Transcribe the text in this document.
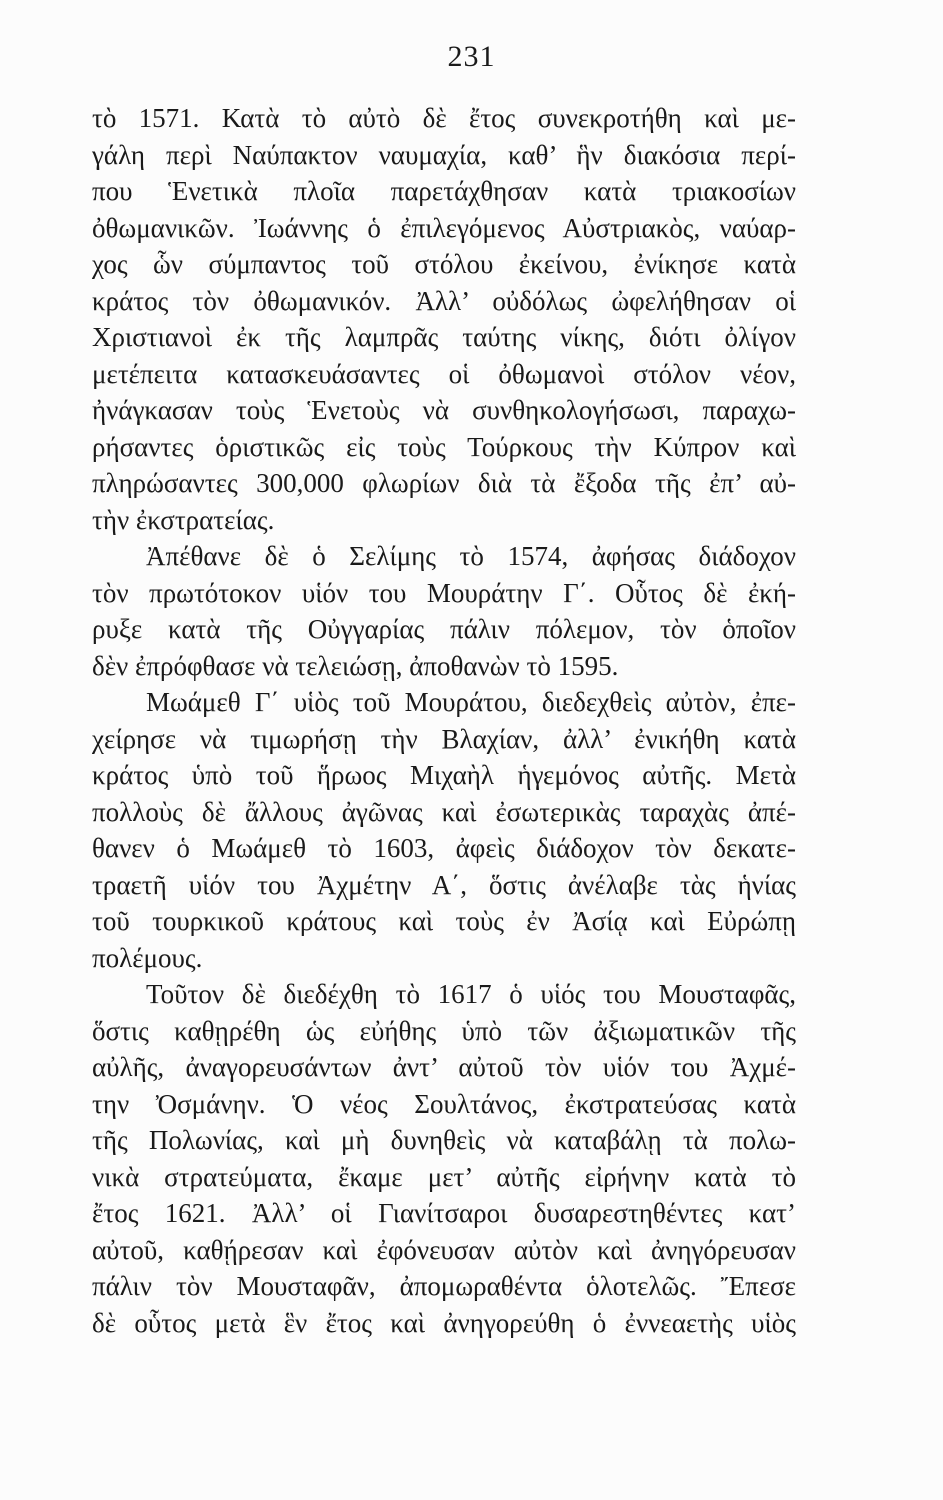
231
τὸ 1571. Κατὰ τὸ αὐτὸ δὲ ἔτος συνεκροτήθη καὶ με-
γάλη περὶ Ναύπακτον ναυμαχία, καθ’ ἣν διακόσια περί-
που Ἑνετικὰ πλοῖα παρετάχθησαν κατὰ τριακοσίων
ὀθωμανικῶν. Ἰωάννης ὁ ἐπιλεγόμενος Αὐστριακὸς, ναύαρ-
χος ὧν σύμπαντος τοῦ στόλου ἐκείνου, ἐνίκησε κατὰ
κράτος τὸν ὀθωμανικόν. Ἀλλ’ οὐδόλως ὠφελήθησαν οἱ
Χριστιανοὶ ἐκ τῆς λαμπρᾶς ταύτης νίκης, διότι ὀλίγον
μετέπειτα κατασκευάσαντες οἱ ὀθωμανοὶ στόλον νέον,
ἠνάγκασαν τοὺς Ἑνετοὺς νὰ συνθηκολογήσωσι, παραχω-
ρήσαντες ὁριστικῶς εἰς τοὺς Τούρκους τὴν Κύπρον καὶ
πληρώσαντες 300,000 φλωρίων διὰ τὰ ἔξοδα τῆς ἐπ’ αὐ-
τὴν ἐκστρατείας.
Ἀπέθανε δὲ ὁ Σελίμης τὸ 1574, ἀφήσας διάδοχον
τὸν πρωτότοκον υἱόν του Μουράτην Γ΄. Οὗτος δὲ ἐκή-
ρυξε κατὰ τῆς Οὐγγαρίας πάλιν πόλεμον, τὸν ὁποῖον
δὲν ἐπρόφθασε νὰ τελειώσῃ, ἀποθανὼν τὸ 1595.
Μωάμεθ Γ΄ υἱὸς τοῦ Μουράτου, διεδεχθεὶς αὐτὸν, ἐπε-
χείρησε νὰ τιμωρήσῃ τὴν Βλαχίαν, ἀλλ’ ἐνικήθη κατὰ
κράτος ὑπὸ τοῦ ἥρωος Μιχαὴλ ἡγεμόνος αὐτῆς. Μετὰ
πολλοὺς δὲ ἄλλους ἀγῶνας καὶ ἐσωτερικὰς ταραχὰς ἀπέ-
θανεν ὁ Μωάμεθ τὸ 1603, ἀφεὶς διάδοχον τὸν δεκατε-
τραετῆ υἱόν του Ἀχμέτην Α΄, ὅστις ἀνέλαβε τὰς ἡνίας
τοῦ τουρκικοῦ κράτους καὶ τοὺς ἐν Ἀσίᾳ καὶ Εὐρώπῃ
πολέμους.
Τοῦτον δὲ διεδέχθη τὸ 1617 ὁ υἱός του Μουσταφᾶς,
ὅστις καθῃρέθη ὡς εὐήθης ὑπὸ τῶν ἀξιωματικῶν τῆς
αὐλῆς, ἀναγορευσάντων ἀντ’ αὐτοῦ τὸν υἱόν του Ἀχμέ-
την Ὀσμάνην. Ὁ νέος Σουλτάνος, ἐκστρατεύσας κατὰ
τῆς Πολωνίας, καὶ μὴ δυνηθεὶς νὰ καταβάλῃ τὰ πολω-
νικὰ στρατεύματα, ἔκαμε μετ’ αὐτῆς εἰρήνην κατὰ τὸ
ἔτος 1621. Ἀλλ’ οἱ Γιανίτσαροι δυσαρεστηθέντες κατ’
αὐτοῦ, καθῄρεσαν καὶ ἐφόνευσαν αὐτὸν καὶ ἀνηγόρευσαν
πάλιν τὸν Μουσταφᾶν, ἀπομωραθέντα ὁλοτελῶς. Ἔπεσε
δὲ οὗτος μετὰ ἓν ἔτος καὶ ἀνηγορεύθη ὁ ἐννεαετὴς υἱὸς
